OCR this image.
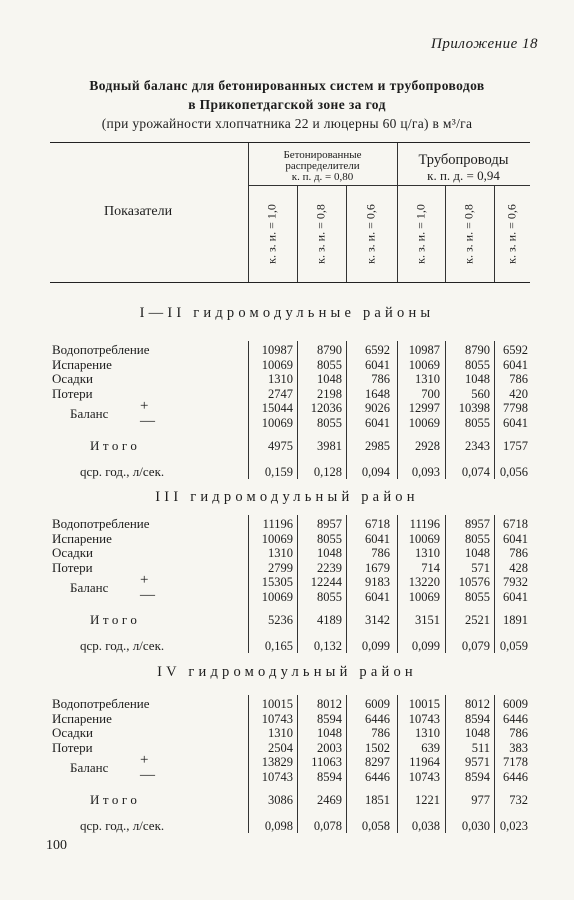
Приложение 18
Водный баланс для бетонированных систем и трубопроводов
в Прикопетдагской зоне за год
(при урожайности хлопчатника 22 и люцерны 60 ц/га) в м³/га
Показатели
Бетонированные
распределители
к. п. д. = 0,80
Трубопроводы
к. п. д. = 0,94
к. з. и. = 1,0	к. з. и. = 0,8	к. з. и. = 0,6	к. з. и. = 1,0	к. з. и. = 0,8 к. з. и. = 0,6
I—II гидромодульные районы
Водопотребление	10987	8790	6592	10987	8790	6592
Испарение	10069	8055	6041	10069	8055	6041
Осадки	1310	1048	786	1310	1048	786
Потери	2747	2198	1648	700	560	420
Баланс +	15044	12036	9026	12997	10398	7798
—	10069	8055	6041	10069	8055	6041
Итого	4975	3981	2985	2928	2343	1757
qср. год., л/сек.	0,159	0,128	0,094	0,093	0,074 0,056
III гидромодульный район
Водопотребление	11196	8957	6718	11196	8957	6718
Испарение	10069	8055	6041	10069	8055	6041
Осадки	1310	1048	786	1310	1048	786
Потери	2799	2239	1679	714	571	428
Баланс +	15305	12244	9183	13220	10576	7932
—	10069	8055	6041	10069	8055	6041
Итого	5236	4189	3142	3151	2521	1891
qср. год., л/сек.	0,165	0,132	0,099	0,099	0,079 0,059
IV гидромодульный район
Водопотребление	10015	8012	6009	10015	8012	6009
Испарение	10743	8594	6446	10743	8594	6446
Осадки	1310	1048	786	1310	1048	786
Потери	2504	2003	1502	639	511	383
Баланс +	13829	11063	8297	11964	9571	7178
—	10743	8594	6446	10743	8594	6446
Итого	3086	2469	1851	1221	977	732
qср. год., л/сек.	0,098	0,078	0,058	0,038	0,030 0,023
100
